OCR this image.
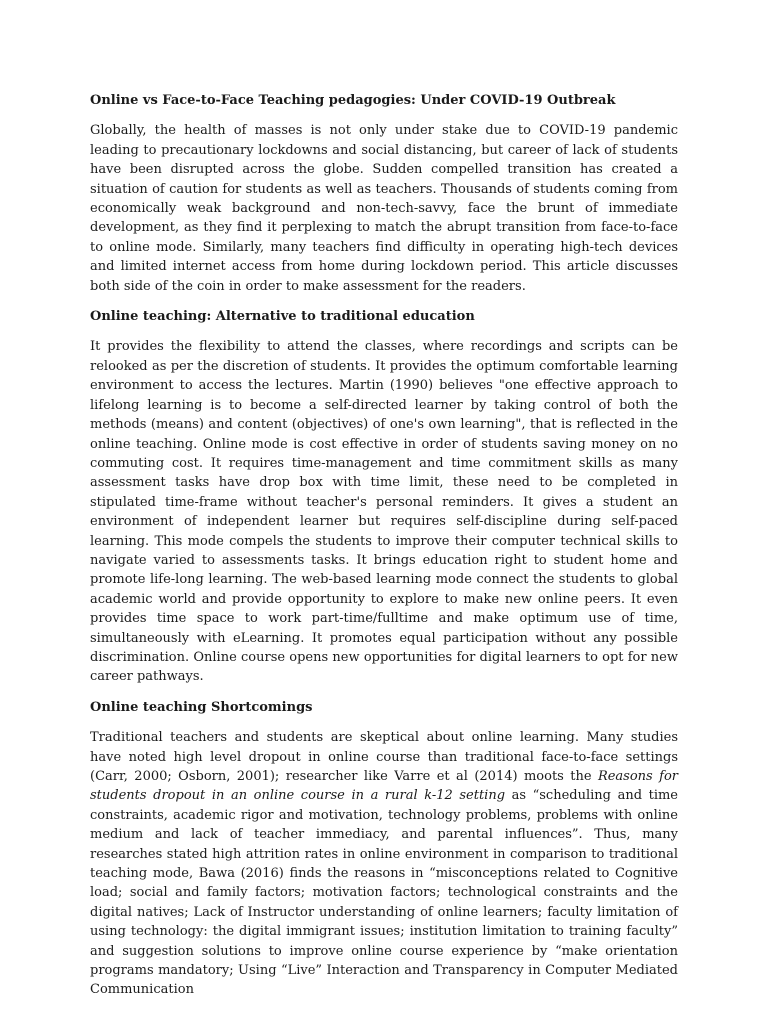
Online vs Face-to-Face Teaching pedagogies: Under COVID-19 Outbreak
Globally, the health of masses is not only under stake due to COVID-19 pandemic leading to precautionary lockdowns and social distancing, but career of lack of students have been disrupted across the globe. Sudden compelled transition has created a situation of caution for students as well as teachers. Thousands of students coming from economically weak background and non-tech-savvy, face the brunt of immediate development, as they find it perplexing to match the abrupt transition from face-to-face to online mode. Similarly, many teachers find difficulty in operating high-tech devices and limited internet access from home during lockdown period. This article discusses both side of the coin in order to make assessment for the readers.
Online teaching: Alternative to traditional education
It provides the flexibility to attend the classes, where recordings and scripts can be relooked as per the discretion of students. It provides the optimum comfortable learning environment to access the lectures. Martin (1990) believes "one effective approach to lifelong learning is to become a self-directed learner by taking control of both the methods (means) and content (objectives) of one's own learning", that is reflected in the online teaching. Online mode is cost effective in order of students saving money on no commuting cost. It requires time-management and time commitment skills as many assessment tasks have drop box with time limit, these need to be completed in stipulated time-frame without teacher's personal reminders. It gives a student an environment of independent learner but requires self-discipline during self-paced learning. This mode compels the students to improve their computer technical skills to navigate varied to assessments tasks. It brings education right to student home and promote life-long learning. The web-based learning mode connect the students to global academic world and provide opportunity to explore to make new online peers. It even provides time space to work part-time/fulltime and make optimum use of time, simultaneously with eLearning. It promotes equal participation without any possible discrimination. Online course opens new opportunities for digital learners to opt for new career pathways.
Online teaching Shortcomings
Traditional teachers and students are skeptical about online learning. Many studies have noted high level dropout in online course than traditional face-to-face settings (Carr, 2000; Osborn, 2001); researcher like Varre et al (2014) moots the Reasons for students dropout in an online course in a rural k-12 setting as “scheduling and time constraints, academic rigor and motivation, technology problems, problems with online medium and lack of teacher immediacy, and parental influences”. Thus, many researches stated high attrition rates in online environment in comparison to traditional teaching mode, Bawa (2016) finds the reasons in “misconceptions related to Cognitive load; social and family factors; motivation factors; technological constraints and the digital natives; Lack of Instructor understanding of online learners; faculty limitation of using technology: the digital immigrant issues; institution limitation to training faculty” and suggestion solutions to improve online course experience by “make orientation programs mandatory; Using “Live” Interaction and Transparency in Computer Mediated Communication
